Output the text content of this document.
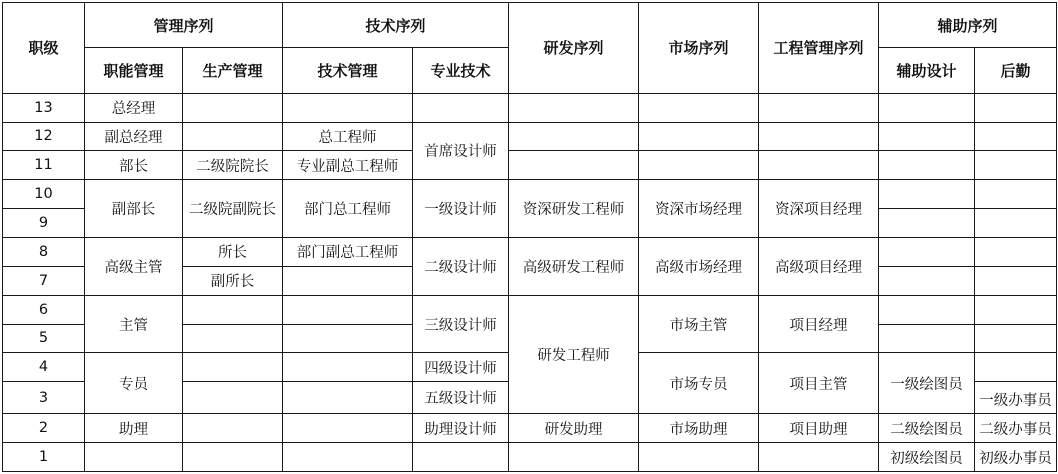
职级	管理序列		技术序列		研发序列	市场序列	工程管理序列	辅助序列	
	职能管理	生产管理	技术管理	专业技术				辅助设计	后勤
13	总经理								
12	副总经理		总工程师	首席设计师					
11	部长	二级院院长	专业副总工程师						
10	副部长	二级院副院长	部门总工程师	一级设计师	资深研发工程师	资深市场经理	资深项目经理		
9									
8	高级主管	所长	部门副总工程师	二级设计师	高级研发工程师	高级市场经理	高级项目经理		
7		副所长							
6	主管			三级设计师	研发工程师	市场主管	项目经理		
5									
4	专员			四级设计师		市场专员	项目主管	一级绘图员	
3				五级设计师					一级办事员
2	助理			助理设计师	研发助理	市场助理	项目助理	二级绘图员	二级办事员
1								初级绘图员	初级办事员
